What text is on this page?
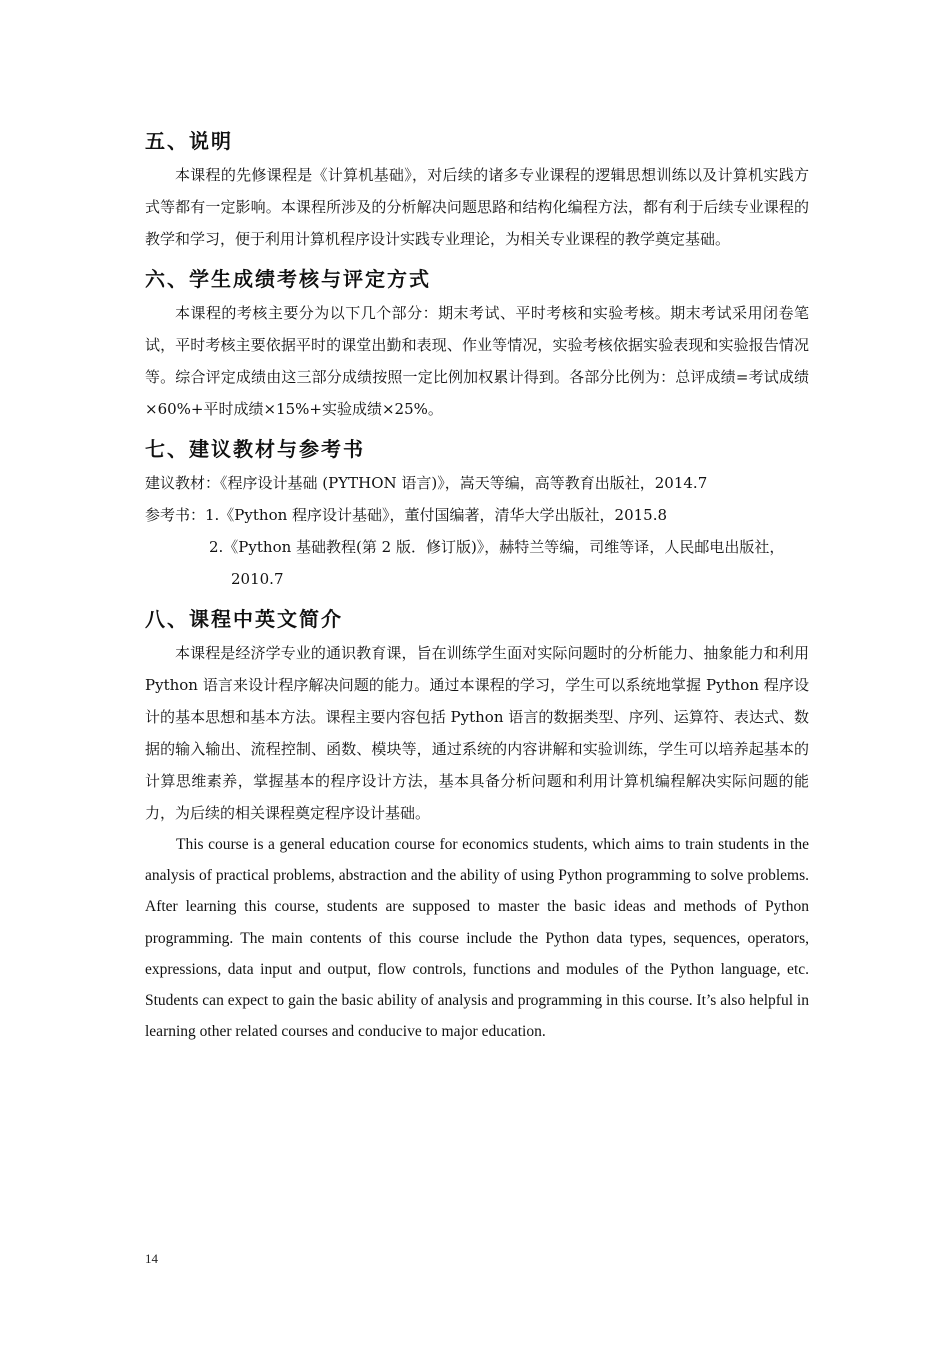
五、说明

本课程的先修课程是《计算机基础》，对后续的诸多专业课程的逻辑思想训练以及计算机实践方式等都有一定影响。本课程所涉及的分析解决问题思路和结构化编程方法，都有利于后续专业课程的教学和学习，便于利用计算机程序设计实践专业理论，为相关专业课程的教学奠定基础。

六、学生成绩考核与评定方式

本课程的考核主要分为以下几个部分：期末考试、平时考核和实验考核。期末考试采用闭卷笔试，平时考核主要依据平时的课堂出勤和表现、作业等情况，实验考核依据实验表现和实验报告情况等。综合评定成绩由这三部分成绩按照一定比例加权累计得到。各部分比例为：总评成绩=考试成绩×60%+平时成绩×15%+实验成绩×25%。

七、建议教材与参考书

建议教材：《程序设计基础 (PYTHON 语言)》，嵩天等编，高等教育出版社，2014.7

参考书：1.《Python 程序设计基础》，董付国编著，清华大学出版社，2015.8

2.《Python 基础教程(第 2 版．修订版)》，赫特兰等编，司维等译，人民邮电出版社，

2010.7

八、课程中英文简介

本课程是经济学专业的通识教育课，旨在训练学生面对实际问题时的分析能力、抽象能力和利用 Python 语言来设计程序解决问题的能力。通过本课程的学习，学生可以系统地掌握 Python 程序设计的基本思想和基本方法。课程主要内容包括 Python 语言的数据类型、序列、运算符、表达式、数据的输入输出、流程控制、函数、模块等，通过系统的内容讲解和实验训练，学生可以培养起基本的计算思维素养，掌握基本的程序设计方法，基本具备分析问题和利用计算机编程解决实际问题的能力，为后续的相关课程奠定程序设计基础。

This course is a general education course for economics students, which aims to train students in the analysis of practical problems, abstraction and the ability of using Python programming to solve problems. After learning this course, students are supposed to master the basic ideas and methods of Python programming. The main contents of this course include the Python data types, sequences, operators, expressions, data input and output, flow controls, functions and modules of the Python language, etc. Students can expect to gain the basic ability of analysis and programming in this course. It’s also helpful in learning other related courses and conducive to major education.

14
